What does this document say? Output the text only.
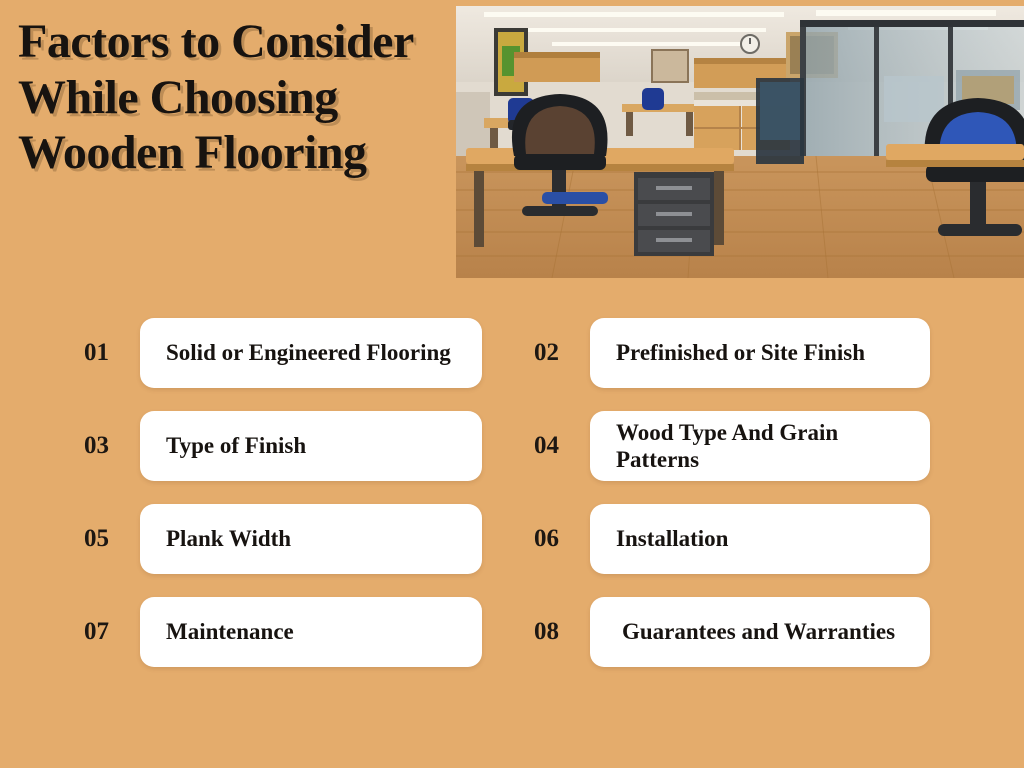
Factors to Consider While Choosing Wooden Flooring
01	Solid or Engineered Flooring	02	Prefinished or Site Finish
03	Type of Finish	04	Wood Type And Grain Patterns
05	Plank Width	06	Installation
07	Maintenance	08	Guarantees and Warranties
